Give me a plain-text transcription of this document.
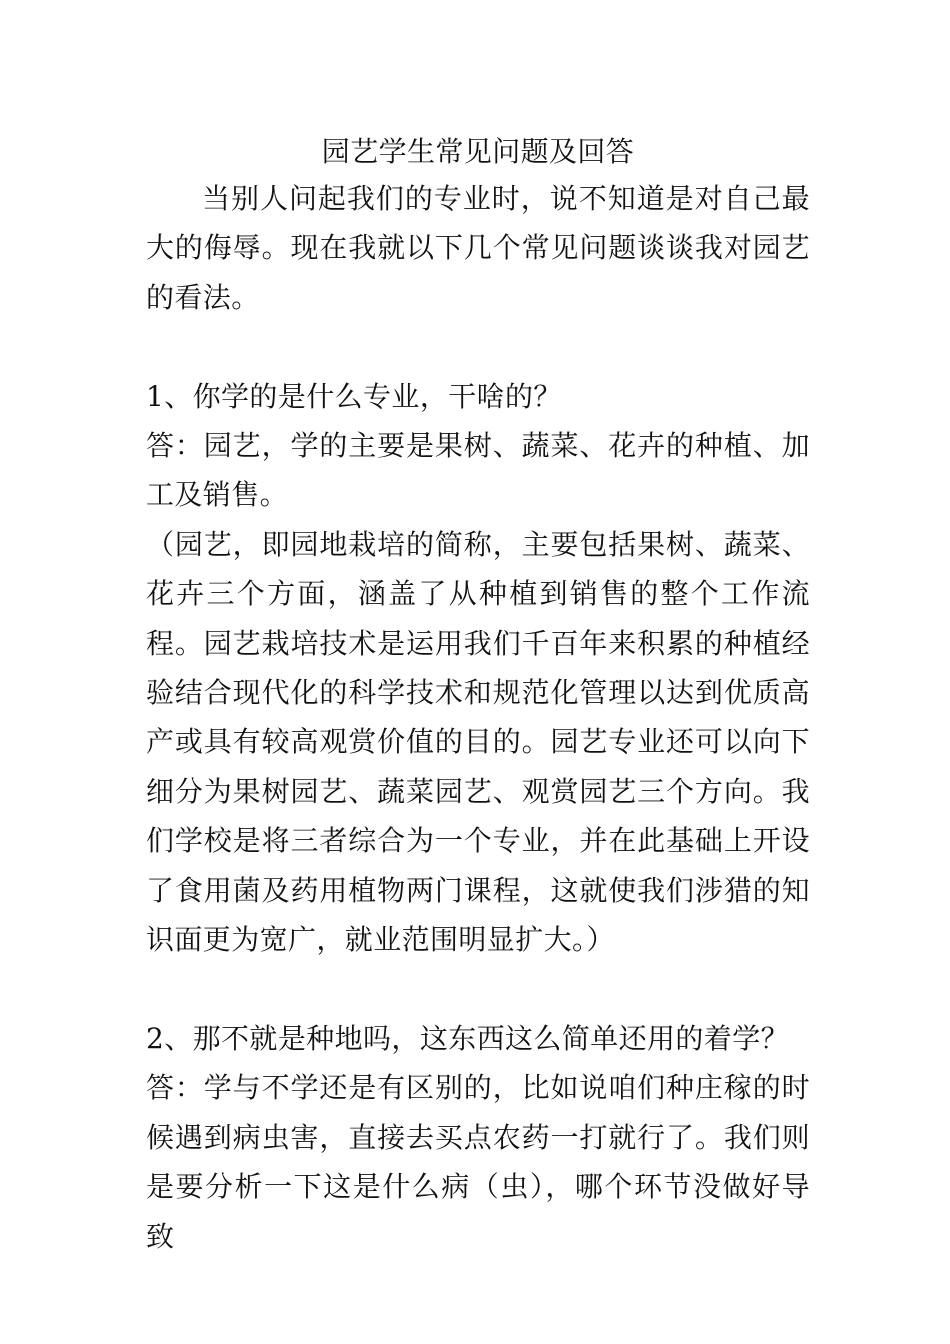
园艺学生常见问题及回答

当别人问起我们的专业时，说不知道是对自己最大的侮辱。现在我就以下几个常见问题谈谈我对园艺的看法。

1、你学的是什么专业，干啥的？

答：园艺，学的主要是果树、蔬菜、花卉的种植、加工及销售。

（园艺，即园地栽培的简称，主要包括果树、蔬菜、花卉三个方面，涵盖了从种植到销售的整个工作流程。园艺栽培技术是运用我们千百年来积累的种植经验结合现代化的科学技术和规范化管理以达到优质高产或具有较高观赏价值的目的。园艺专业还可以向下细分为果树园艺、蔬菜园艺、观赏园艺三个方向。我们学校是将三者综合为一个专业，并在此基础上开设了食用菌及药用植物两门课程，这就使我们涉猎的知识面更为宽广，就业范围明显扩大。）

2、那不就是种地吗，这东西这么简单还用的着学？

答：学与不学还是有区别的，比如说咱们种庄稼的时候遇到病虫害，直接去买点农药一打就行了。我们则是要分析一下这是什么病（虫），哪个环节没做好导致
